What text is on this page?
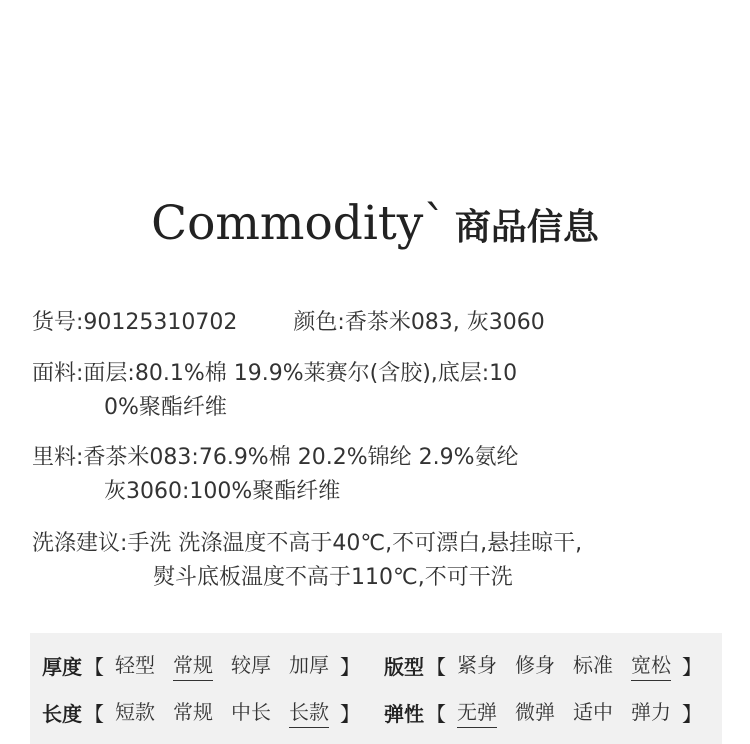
Commodity` 商品信息
货号: 90125310702	颜色: 香茶米083, 灰3060
面料: 面层:80.1%棉 19.9%莱赛尔(含胶),底层:10
0%聚酯纤维
里料: 香茶米083:76.9%棉 20.2%锦纶 2.9%氨纶
灰3060:100%聚酯纤维
洗涤建议: 手洗 洗涤温度不高于40℃,不可漂白,悬挂晾干,
熨斗底板温度不高于110℃,不可干洗
厚度 【 轻型 常规 较厚 加厚 】 版型 【 紧身 修身 标准 宽松 】
长度 【 短款 常规 中长 长款 】 弹性 【 无弹 微弹 适中 弹力 】
